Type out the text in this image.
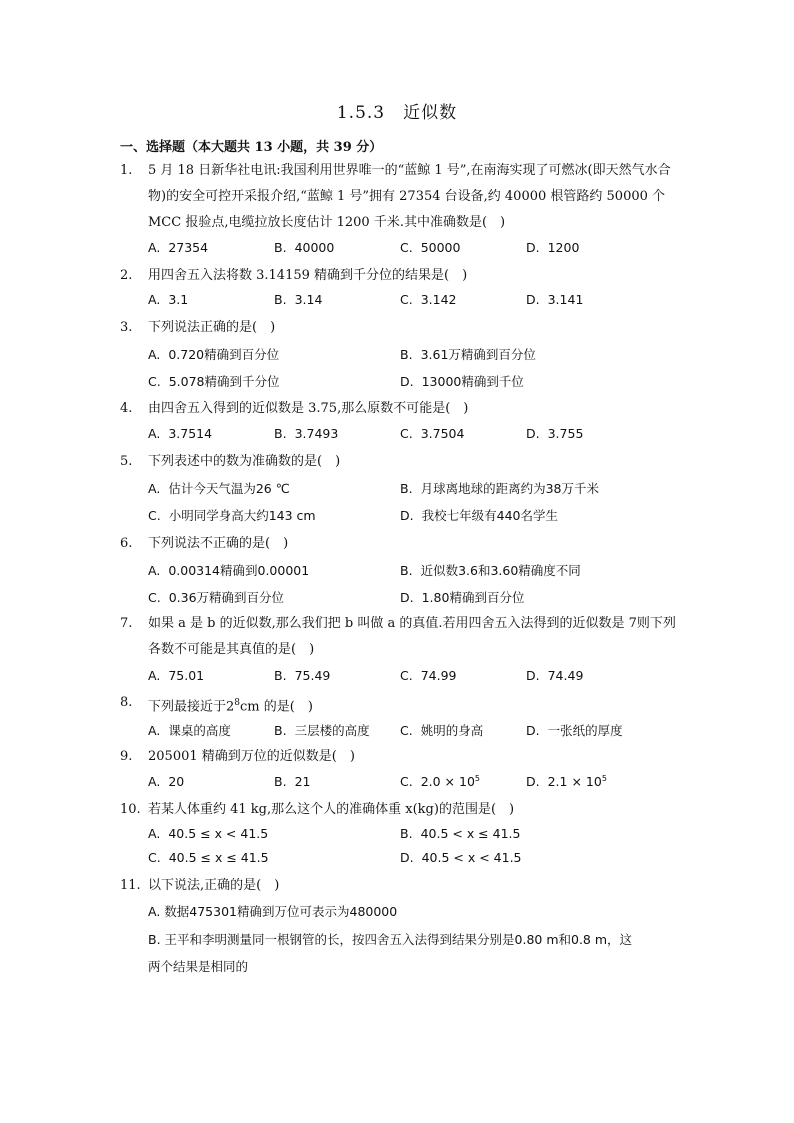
1.5.3　近似数
一、选择题（本大题共 13 小题，共 39 分）
1.	5 月 18 日新华社电讯:我国利用世界唯一的“蓝鲸 1 号”,在南海实现了可燃冰(即天然气水合物)的安全可控开采报介绍,“蓝鲸 1 号”拥有 27354 台设备,约 40000 根管路约 50000 个 MCC 报验点,电缆拉放长度估计 1200 千米.其中准确数是(　)
A. 27354	B. 40000	C. 50000	D. 1200
2.	用四舍五入法将数 3.14159 精确到千分位的结果是(　)
A. 3.1	B. 3.14	C. 3.142	D. 3.141
3.	下列说法正确的是(　)
A. 0.720精确到百分位	B. 3.61万精确到百分位
C. 5.078精确到千分位	D. 13000精确到千位
4.	由四舍五入得到的近似数是 3.75,那么原数不可能是(　)
A. 3.7514	B. 3.7493	C. 3.7504	D. 3.755
5.	下列表述中的数为准确数的是(　)
A. 估计今天气温为26 ℃	B. 月球离地球的距离约为38万千米
C. 小明同学身高大约143 cm	D. 我校七年级有440名学生
6.	下列说法不正确的是(　)
A. 0.00314精确到0.00001	B. 近似数3.6和3.60精确度不同
C. 0.36万精确到百分位	D. 1.80精确到百分位
7.	如果 a 是 b 的近似数,那么我们把 b 叫做 a 的真值.若用四舍五入法得到的近似数是 7则下列各数不可能是其真值的是(　)
A. 75.01	B. 75.49	C. 74.99	D. 74.49
8.	下列最接近于$2^8cm$ 的是(　)
A. 课桌的高度	B. 三层楼的高度 C. 姚明的身高	D. 一张纸的厚度
9.	205001 精确到万位的近似数是(　)
A. 20	B. 21	C. $2.0 \times 10^5$	D. $2.1 \times 10^5$
10. 若某人体重约 41 kg,那么这个人的准确体重 x(kg)的范围是(　)
A. 40.5 ≤ x < 41.5	B. 40.5 < x ≤ 41.5
C. 40.5 ≤ x ≤ 41.5	D. 40.5 < x < 41.5
11. 以下说法,正确的是(　)
A. 数据475301精确到万位可表示为480000
B. 王平和李明测量同一根钢管的长，按四舍五入法得到结果分别是0.80 m和0.8 m，这
两个结果是相同的
